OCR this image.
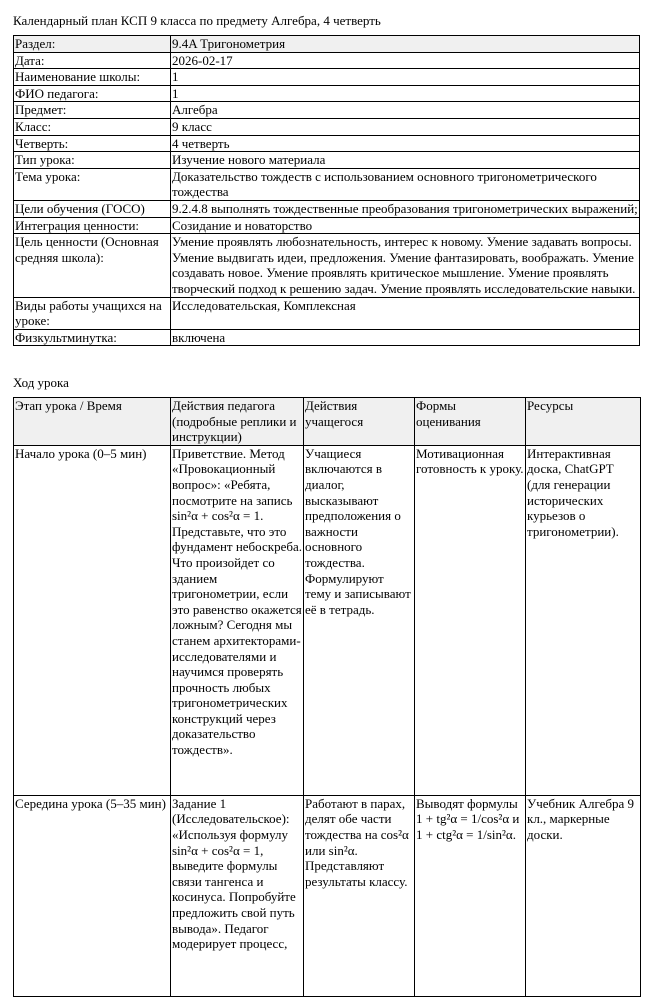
Календарный план КСП 9 класса по предмету Алгебра, 4 четверть
Раздел:	9.4A Тригонометрия
Дата:	2026-02-17
Наименование школы:	1
ФИО педагога:	1
Предмет:	Алгебра
Класс:	9 класс
Четверть:	4 четверть
Тип урока:	Изучение нового материала
Тема урока:	Доказательство тождеств с использованием основного тригонометрического тождества
Цели обучения (ГОСО)	9.2.4.8 выполнять тождественные преобразования тригонометрических выражений;
Интеграция ценности:	Созидание и новаторство
Цель ценности (Основная средняя школа):	Умение проявлять любознательность, интерес к новому. Умение задавать вопросы. Умение выдвигать идеи, предложения. Умение фантазировать, воображать. Умение создавать новое. Умение проявлять критическое мышление. Умение проявлять творческий подход к решению задач. Умение проявлять исследовательские навыки.
Виды работы учащихся на уроке:	Исследовательская, Комплексная
Физкультминутка:	включена
Ход урока
Этап урока / Время	Действия педагога (подробные реплики и инструкции)	Действия учащегося	Формы оценивания	Ресурсы
Начало урока (0–5 мин)	Приветствие. Метод «Провокационный вопрос»: «Ребята, посмотрите на запись sin²α + cos²α = 1. Представьте, что это фундамент небоскреба. Что произойдет со зданием тригонометрии, если это равенство окажется ложным? Сегодня мы станем архитекторами-исследователями и научимся проверять прочность любых тригонометрических конструкций через доказательство тождеств».	Учащиеся включаются в диалог, высказывают предположения о важности основного тождества. Формулируют тему и записывают её в тетрадь.	Мотивационная готовность к уроку.	Интерактивная доска, ChatGPT (для генерации исторических курьезов о тригонометрии).
Середина урока (5–35 мин)	Задание 1 (Исследовательское): «Используя формулу sin²α + cos²α = 1, выведите формулы связи тангенса и косинуса. Попробуйте предложить свой путь вывода». Педагог модерирует процесс,	Работают в парах, делят обе части тождества на cos²α или sin²α. Представляют результаты классу.	Выводят формулы 1 + tg²α = 1/cos²α и 1 + ctg²α = 1/sin²α.	Учебник Алгебра 9 кл., маркерные доски.
